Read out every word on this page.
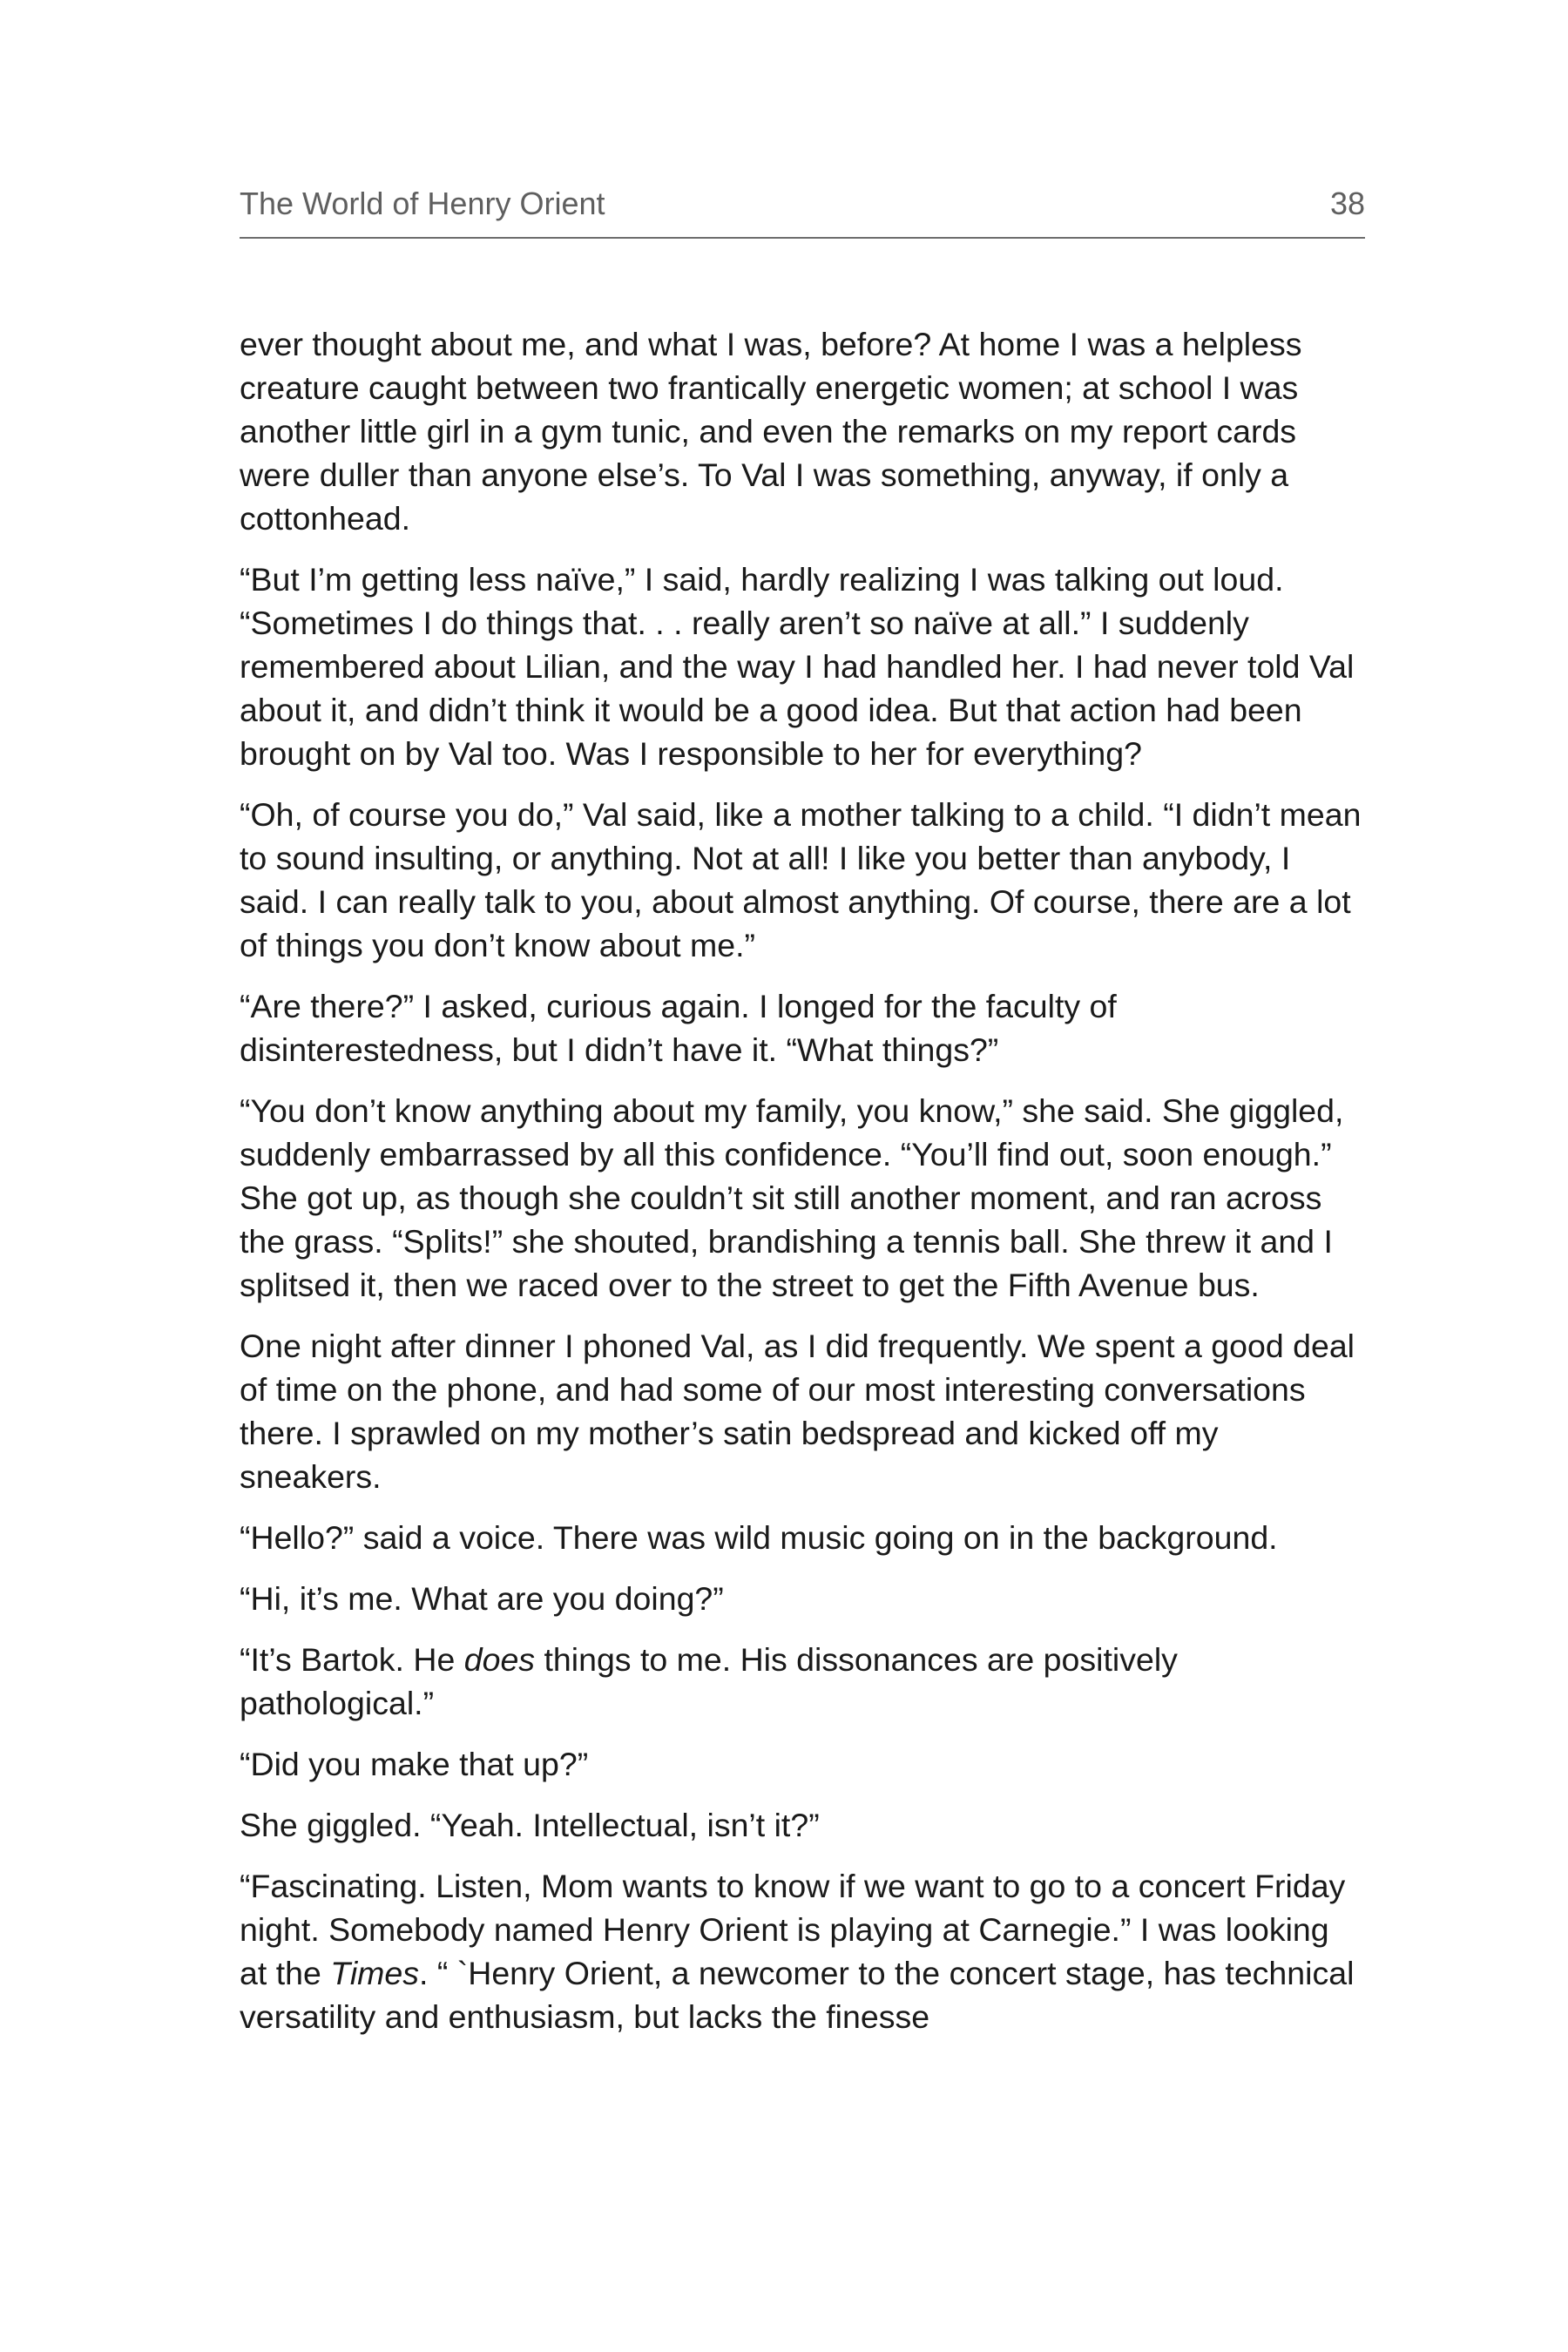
The World of Henry Orient	38

ever thought about me, and what I was, before? At home I was a helpless creature caught between two frantically energetic women; at school I was another little girl in a gym tunic, and even the remarks on my report cards were duller than anyone else’s. To Val I was something, anyway, if only a cottonhead.

“But I’m getting less naïve,” I said, hardly realizing I was talking out loud. “Sometimes I do things that. . . really aren’t so naïve at all.” I suddenly remembered about Lilian, and the way I had handled her. I had never told Val about it, and didn’t think it would be a good idea. But that action had been brought on by Val too. Was I responsible to her for everything?

“Oh, of course you do,” Val said, like a mother talking to a child. “I didn’t mean to sound insulting, or anything. Not at all! I like you better than anybody, I said. I can really talk to you, about almost anything. Of course, there are a lot of things you don’t know about me.”

“Are there?” I asked, curious again. I longed for the faculty of disinterestedness, but I didn’t have it. “What things?”

“You don’t know anything about my family, you know,” she said. She giggled, suddenly embarrassed by all this confidence. “You’ll find out, soon enough.” She got up, as though she couldn’t sit still another moment, and ran across the grass. “Splits!” she shouted, brandishing a tennis ball. She threw it and I splitsed it, then we raced over to the street to get the Fifth Avenue bus.

One night after dinner I phoned Val, as I did frequently. We spent a good deal of time on the phone, and had some of our most interesting conversations there. I sprawled on my mother’s satin bedspread and kicked off my sneakers.

“Hello?” said a voice. There was wild music going on in the background.

“Hi, it’s me. What are you doing?”

“It’s Bartok. He does things to me. His dissonances are positively pathological.”

“Did you make that up?”

She giggled. “Yeah. Intellectual, isn’t it?”

“Fascinating. Listen, Mom wants to know if we want to go to a concert Friday night. Somebody named Henry Orient is playing at Carnegie.” I was looking at the Times. “ `Henry Orient, a newcomer to the concert stage, has technical versatility and enthusiasm, but lacks the finesse
